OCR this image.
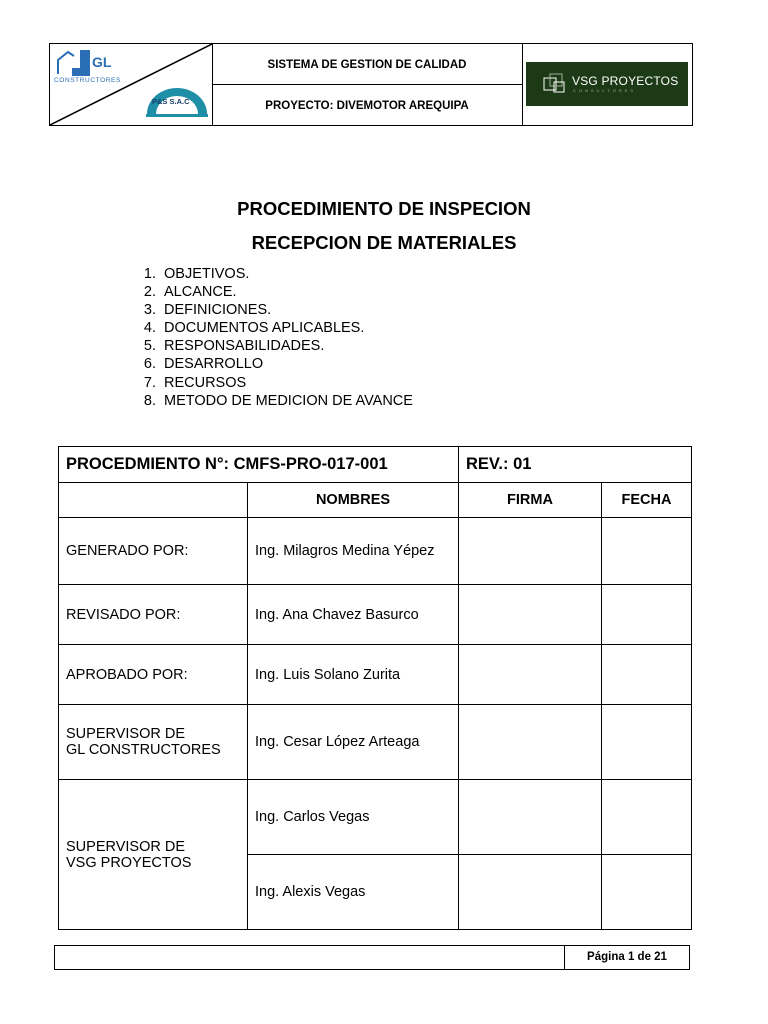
GL
CONSTRUCTORES
P&S S.A.C
SISTEMA DE GESTION DE CALIDAD
PROYECTO: DIVEMOTOR AREQUIPA
VSG PROYECTOS
CONSULTORES
PROCEDIMIENTO DE INSPECION
RECEPCION DE MATERIALES
1. OBJETIVOS.
2. ALCANCE.
3. DEFINICIONES.
4. DOCUMENTOS APLICABLES.
5. RESPONSABILIDADES.
6. DESARROLLO
7. RECURSOS
8. METODO DE MEDICION DE AVANCE
PROCEDMIENTO N°: CMFS-PRO-017-001		REV.: 01	
	NOMBRES	FIRMA	FECHA
GENERADO POR:	Ing. Milagros Medina Yépez		
REVISADO POR:	Ing. Ana Chavez Basurco		
APROBADO POR:	Ing. Luis Solano Zurita		

SUPERVISOR DE
GL CONSTRUCTORES	Ing. Cesar López Arteaga		

SUPERVISOR DE
VSG PROYECTOS	Ing. Carlos Vegas		
	Ing. Alexis Vegas		
Página 1 de 21
